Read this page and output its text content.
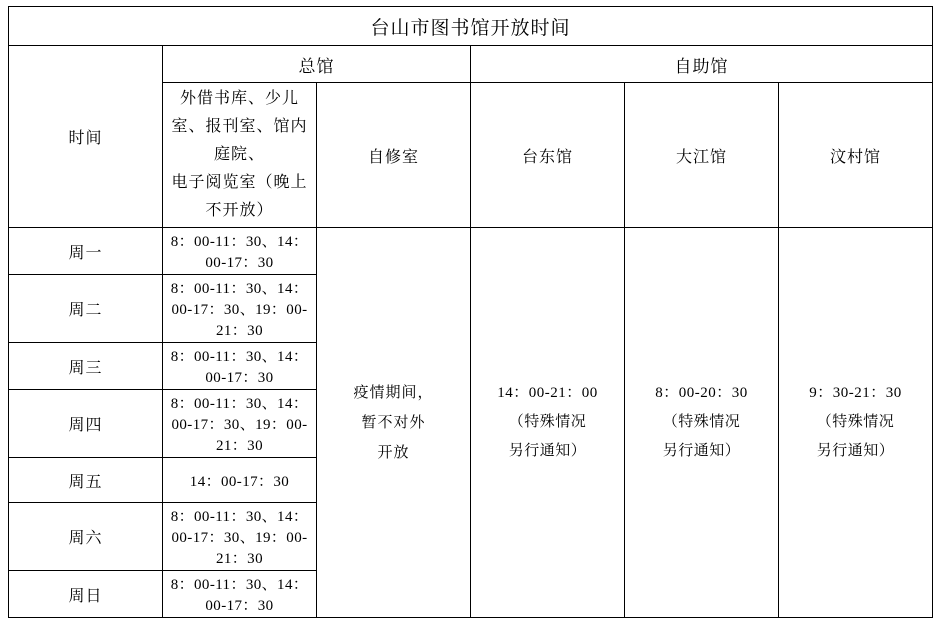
台山市图书馆开放时间					
时间	总馆		自助馆		

	外借书库、少儿室、报刊室、馆内庭院、
电子阅览室（晚上不开放）	自修室	台东馆	大江馆	汶村馆

周一	8：00-11：30、14：00-17：30	疫情期间，
暂不对外
开放	14：00-21：00
（特殊情况
另行通知）	8：00-20：30
（特殊情况
另行通知）	9：30-21：30
（特殊情况
另行通知）

周二	8：00-11：30、14：00-17：30、19：00-21：30				
周三	8：00-11：30、14：00-17：30				
周四	8：00-11：30、14：00-17：30、19：00-21：30				
周五	14：00-17：30				
周六	8：00-11：30、14：00-17：30、19：00-21：30				
周日	8：00-11：30、14：00-17：30				
